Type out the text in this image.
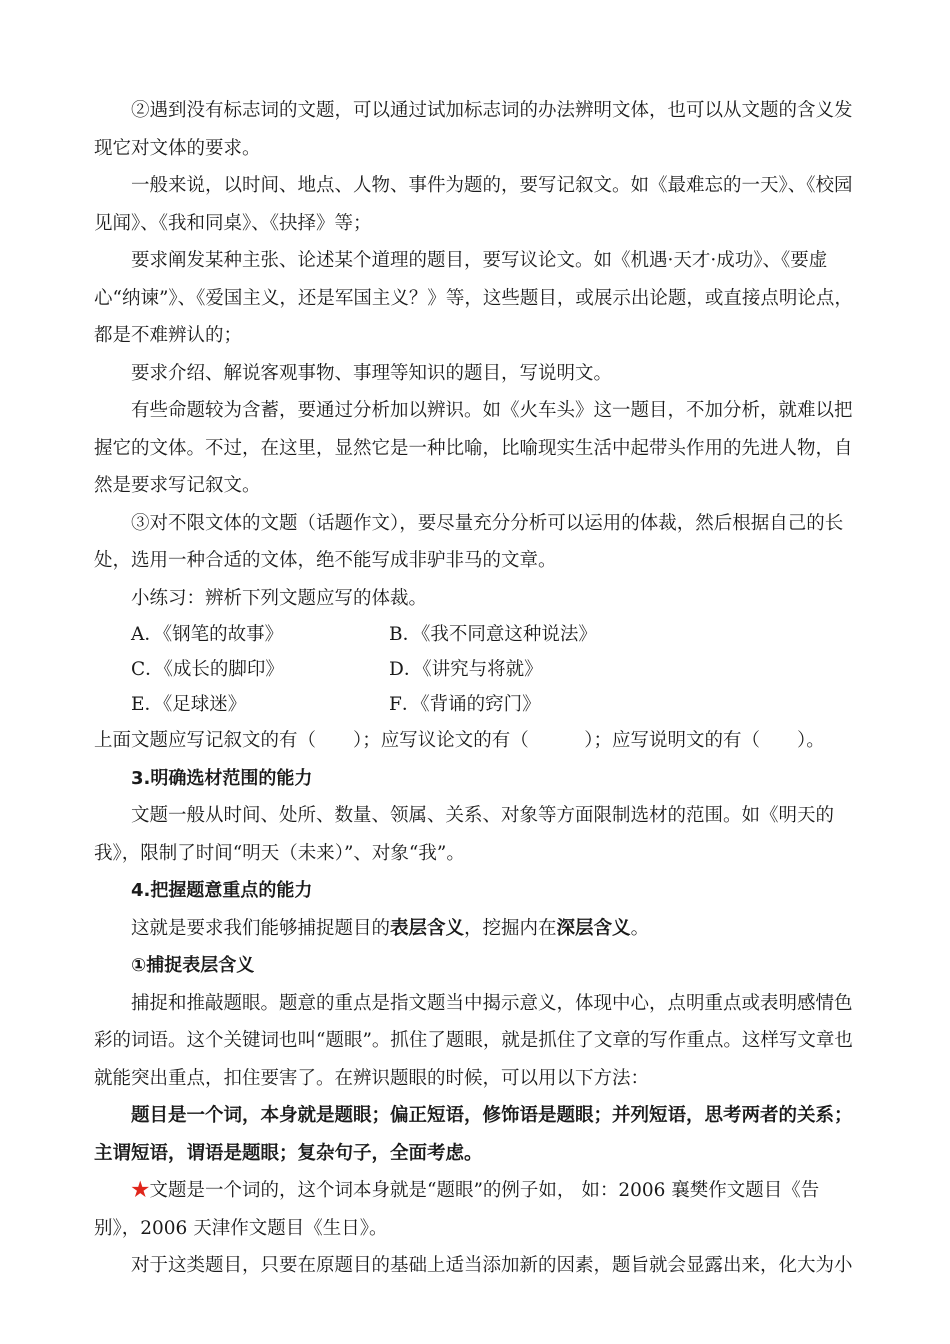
②遇到没有标志词的文题，可以通过试加标志词的办法辨明文体，也可以从文题的含义发现它对文体的要求。

一般来说，以时间、地点、人物、事件为题的，要写记叙文。如《最难忘的一天》、《校园见闻》、《我和同桌》、《抉择》等；

要求阐发某种主张、论述某个道理的题目，要写议论文。如《机遇·天才·成功》、《要虚心“纳谏”》、《爱国主义，还是军国主义？》等，这些题目，或展示出论题，或直接点明论点，都是不难辨认的；

要求介绍、解说客观事物、事理等知识的题目，写说明文。

有些命题较为含蓄，要通过分析加以辨识。如《火车头》这一题目，不加分析，就难以把握它的文体。不过，在这里，显然它是一种比喻，比喻现实生活中起带头作用的先进人物，自然是要求写记叙文。

③对不限文体的文题（话题作文），要尽量充分分析可以运用的体裁，然后根据自己的长处，选用一种合适的文体，绝不能写成非驴非马的文章。

小练习：辨析下列文题应写的体裁。

A．《钢笔的故事》	B．《我不同意这种说法》
C．《成长的脚印》	D．《讲究与将就》
E．《足球迷》	F．《背诵的窍门》

上面文题应写记叙文的有（　　）；应写议论文的有（　　　）；应写说明文的有（　　）。

3.明确选材范围的能力

文题一般从时间、处所、数量、领属、关系、对象等方面限制选材的范围。如《明天的我》，限制了时间“明天（未来）”、对象“我”。

4.把握题意重点的能力

这就是要求我们能够捕捉题目的表层含义，挖掘内在深层含义。

①捕捉表层含义

捕捉和推敲题眼。题意的重点是指文题当中揭示意义，体现中心，点明重点或表明感情色彩的词语。这个关键词也叫“题眼”。抓住了题眼，就是抓住了文章的写作重点。这样写文章也就能突出重点，扣住要害了。在辨识题眼的时候，可以用以下方法：

题目是一个词，本身就是题眼；偏正短语，修饰语是题眼；并列短语，思考两者的关系；主谓短语，谓语是题眼；复杂句子，全面考虑。

★文题是一个词的，这个词本身就是“题眼”的例子如， 如：2006 襄樊作文题目《告别》，2006 天津作文题目《生日》。

对于这类题目，只要在原题目的基础上适当添加新的因素，题旨就会显露出来，化大为小
